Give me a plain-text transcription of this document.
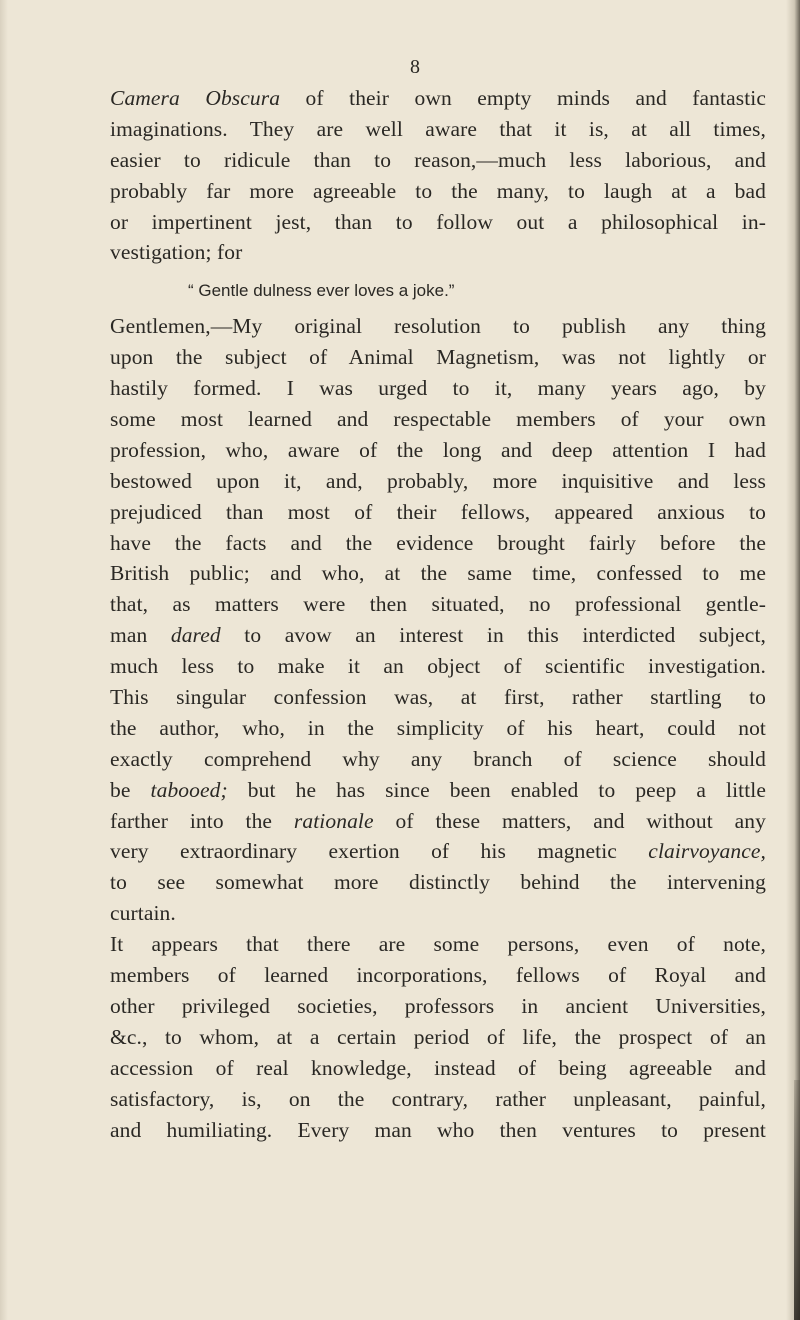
8
Camera Obscura of their own empty minds and fantastic
imaginations. They are well aware that it is, at all times,
easier to ridicule than to reason,—much less laborious, and
probably far more agreeable to the many, to laugh at a bad
or impertinent jest, than to follow out a philosophical in-
vestigation; for
“ Gentle dulness ever loves a joke.”
Gentlemen,—My original resolution to publish any thing
upon the subject of Animal Magnetism, was not lightly or
hastily formed. I was urged to it, many years ago, by
some most learned and respectable members of your own
profession, who, aware of the long and deep attention I had
bestowed upon it, and, probably, more inquisitive and less
prejudiced than most of their fellows, appeared anxious to
have the facts and the evidence brought fairly before the
British public; and who, at the same time, confessed to me
that, as matters were then situated, no professional gentle-
man dared to avow an interest in this interdicted subject,
much less to make it an object of scientific investigation.
This singular confession was, at first, rather startling to
the author, who, in the simplicity of his heart, could not
exactly comprehend why any branch of science should
be tabooed; but he has since been enabled to peep a little
farther into the rationale of these matters, and without any
very extraordinary exertion of his magnetic clairvoyance,
to see somewhat more distinctly behind the intervening
curtain.
It appears that there are some persons, even of note,
members of learned incorporations, fellows of Royal and
other privileged societies, professors in ancient Universities,
&c., to whom, at a certain period of life, the prospect of an
accession of real knowledge, instead of being agreeable and
satisfactory, is, on the contrary, rather unpleasant, painful,
and humiliating. Every man who then ventures to present
